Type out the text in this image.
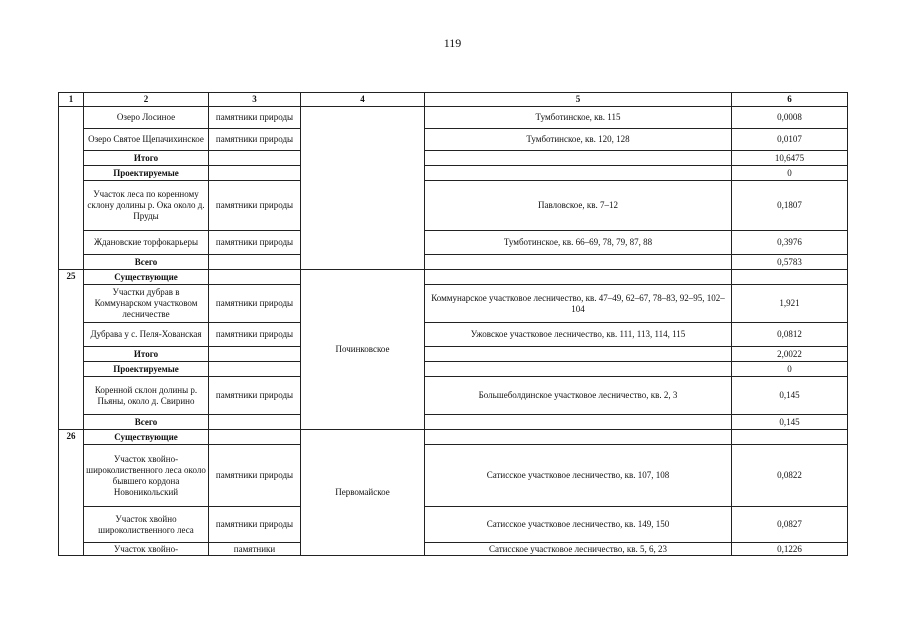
119
1	2	3	4	5	6
	Озеро Лосиное	памятники природы		Тумботинское, кв. 115	0,0008
	Озеро Святое Щепачихинское	памятники природы		Тумботинское, кв. 120, 128	0,0107
	Итого				10,6475
	Проектируемые				0
	Участок леса по коренному склону долины р. Ока около д. Пруды	памятники природы		Павловское, кв. 7–12	0,1807
	Ждановские торфокарьеры	памятники природы		Тумботинское, кв. 66–69, 78, 79, 87, 88	0,3976
	Всего				0,5783
25	Существующие		Починковское		
	Участки дубрав в Коммунарском участковом лесничестве	памятники природы		Коммунарское участковое лесничество, кв. 47–49, 62–67, 78–83, 92–95, 102–104	1,921
	Дубрава у с. Пеля-Хованская	памятники природы		Ужовское участковое лесничество, кв. 111, 113, 114, 115	0,0812
	Итого				2,0022
	Проектируемые				0
	Коренной склон долины р. Пьяны, около д. Свирино	памятники природы		Большеболдинское участковое лесничество, кв. 2, 3	0,145
	Всего				0,145
26	Существующие		Первомайское		
	Участок хвойно-широколиственного леса около бывшего кордона Новоникольский	памятники природы		Сатисское участковое лесничество, кв. 107, 108	0,0822
	Участок хвойно широколиственного леса	памятники природы		Сатисское участковое лесничество, кв. 149, 150	0,0827
	Участок хвойно-	памятники		Сатисское участковое лесничество, кв. 5, 6, 23	0,1226
